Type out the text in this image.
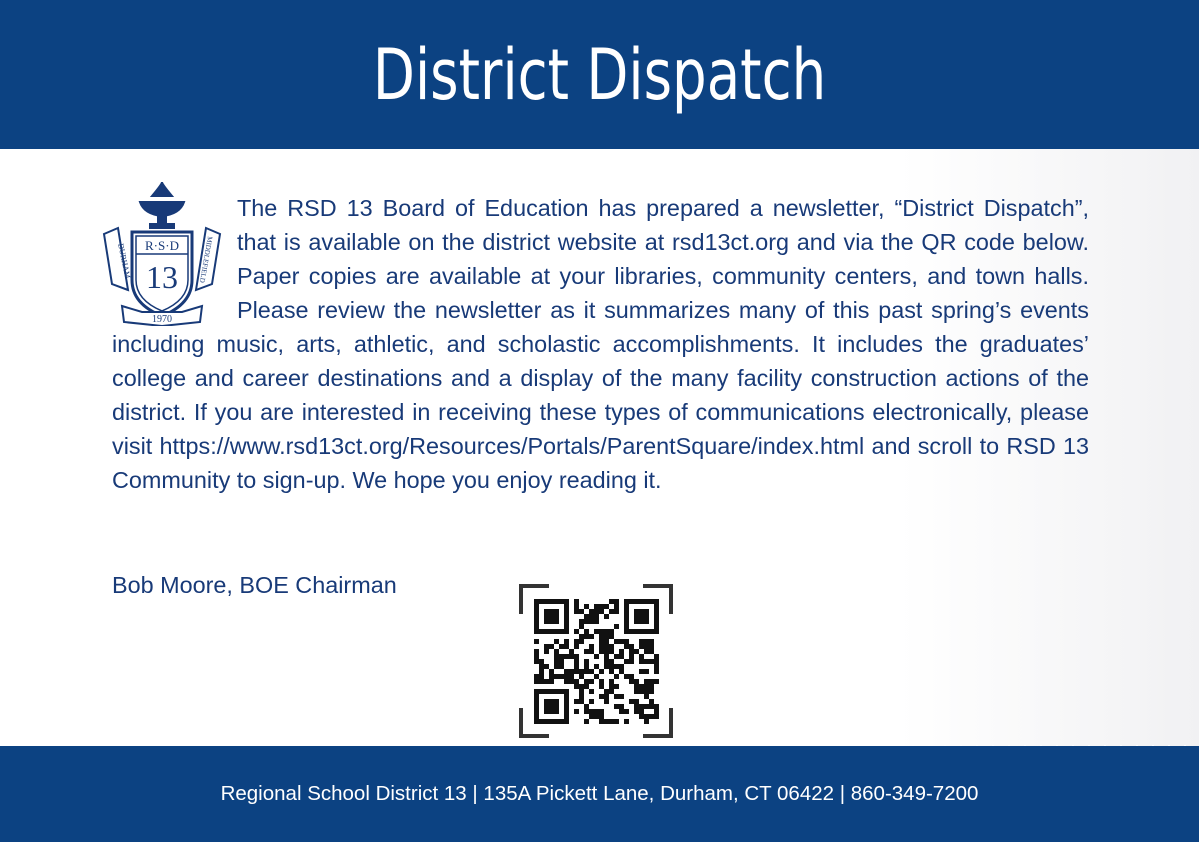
District Dispatch
R·S·D
13
DURHAM	MIDDLEFIELD
1970

The RSD 13 Board of Education has prepared a newsletter, “District Dispatch”, that is available on the district website at rsd13ct.org and via the QR code below. Paper copies are available at your libraries, community centers, and town halls. Please review the newsletter as it summarizes many of this past spring’s events including music, arts, athletic, and scholastic accomplishments. It includes the graduates’ college and career destinations and a display of the many facility construction actions of the district. If you are interested in receiving these types of communications electronically, please visit https://www.rsd13ct.org/Resources/Portals/ParentSquare/index.html and scroll to RSD 13 Community to sign-up. We hope you enjoy reading it.

Bob Moore, BOE Chairman

Regional School District 13 | 135A Pickett Lane, Durham, CT 06422 | 860-349-7200
